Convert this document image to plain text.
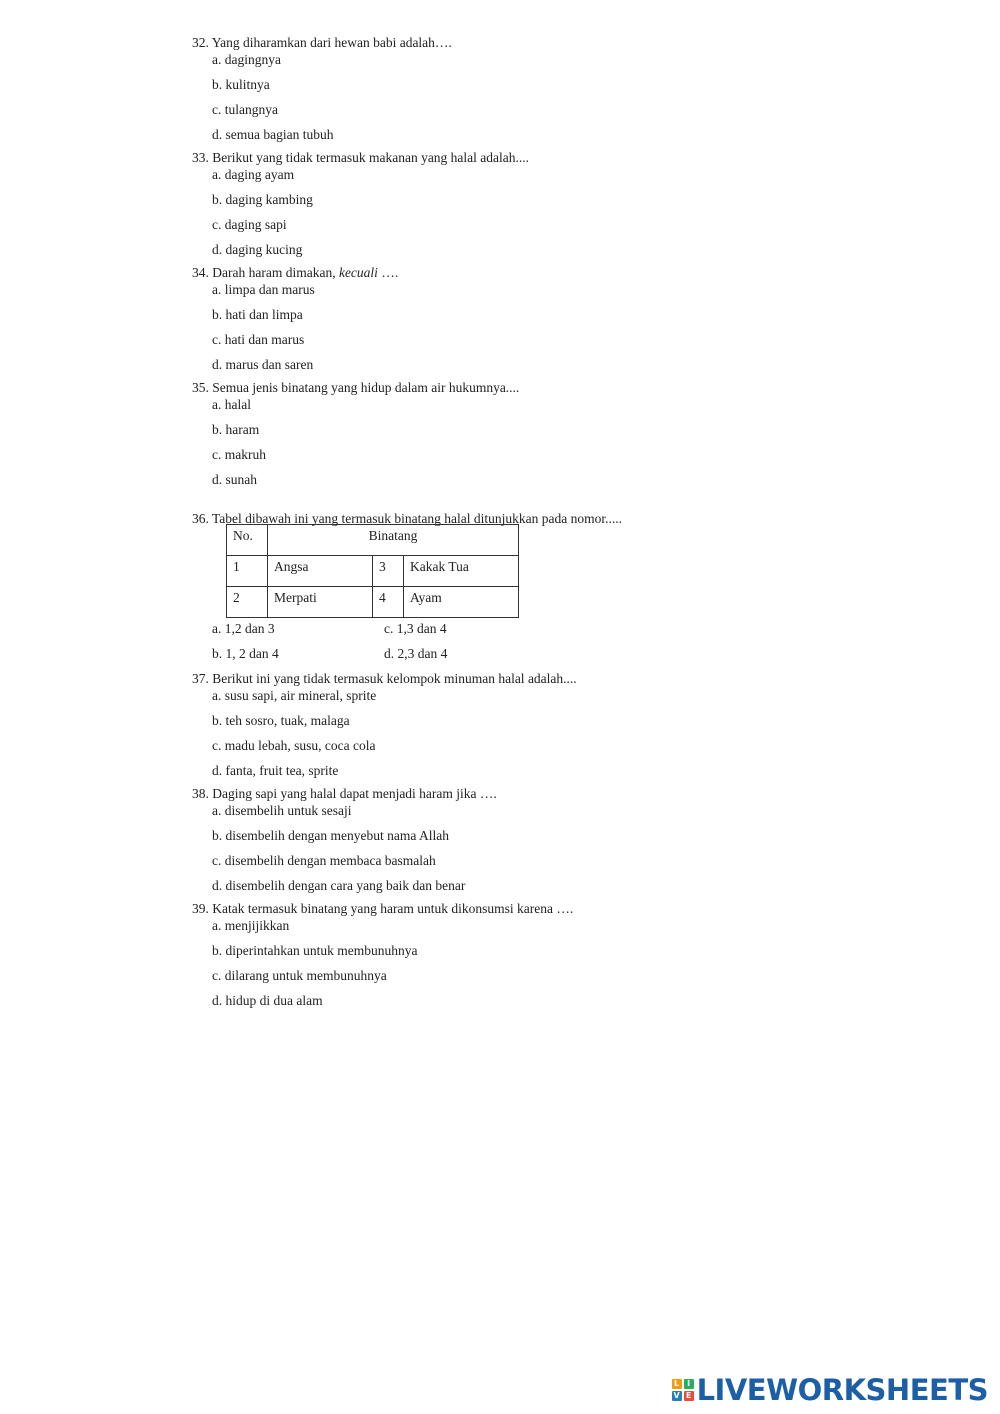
32. Yang diharamkan dari hewan babi adalah….
a. dagingnya
b. kulitnya
c. tulangnya
d. semua bagian tubuh
33. Berikut yang tidak termasuk makanan yang halal adalah....
a. daging ayam
b. daging kambing
c. daging sapi
d. daging kucing
34. Darah haram dimakan, kecuali ….
a. limpa dan marus
b. hati dan limpa
c. hati dan marus
d. marus dan saren
35. Semua jenis binatang yang hidup dalam air hukumnya....
a. halal
b. haram
c. makruh
d. sunah
36. Tabel dibawah ini yang termasuk binatang halal ditunjukkan pada nomor.....
No.	Binatang		
1	Angsa	3	Kakak Tua
2	Merpati	4	Ayam
a. 1,2 dan 3	c. 1,3 dan 4
b. 1, 2 dan 4	d. 2,3 dan 4
37. Berikut ini yang tidak termasuk kelompok minuman halal adalah....
a. susu sapi, air mineral, sprite
b. teh sosro, tuak, malaga
c. madu lebah, susu, coca cola
d. fanta, fruit tea, sprite
38. Daging sapi yang halal dapat menjadi haram jika ….
a. disembelih untuk sesaji
b. disembelih dengan menyebut nama Allah
c. disembelih dengan membaca basmalah
d. disembelih dengan cara yang baik dan benar
39. Katak termasuk binatang yang haram untuk dikonsumsi karena ….
a. menjijikkan
b. diperintahkan untuk membunuhnya
c. dilarang untuk membunuhnya
d. hidup di dua alam
L I
V E LIVEWORKSHEETS
